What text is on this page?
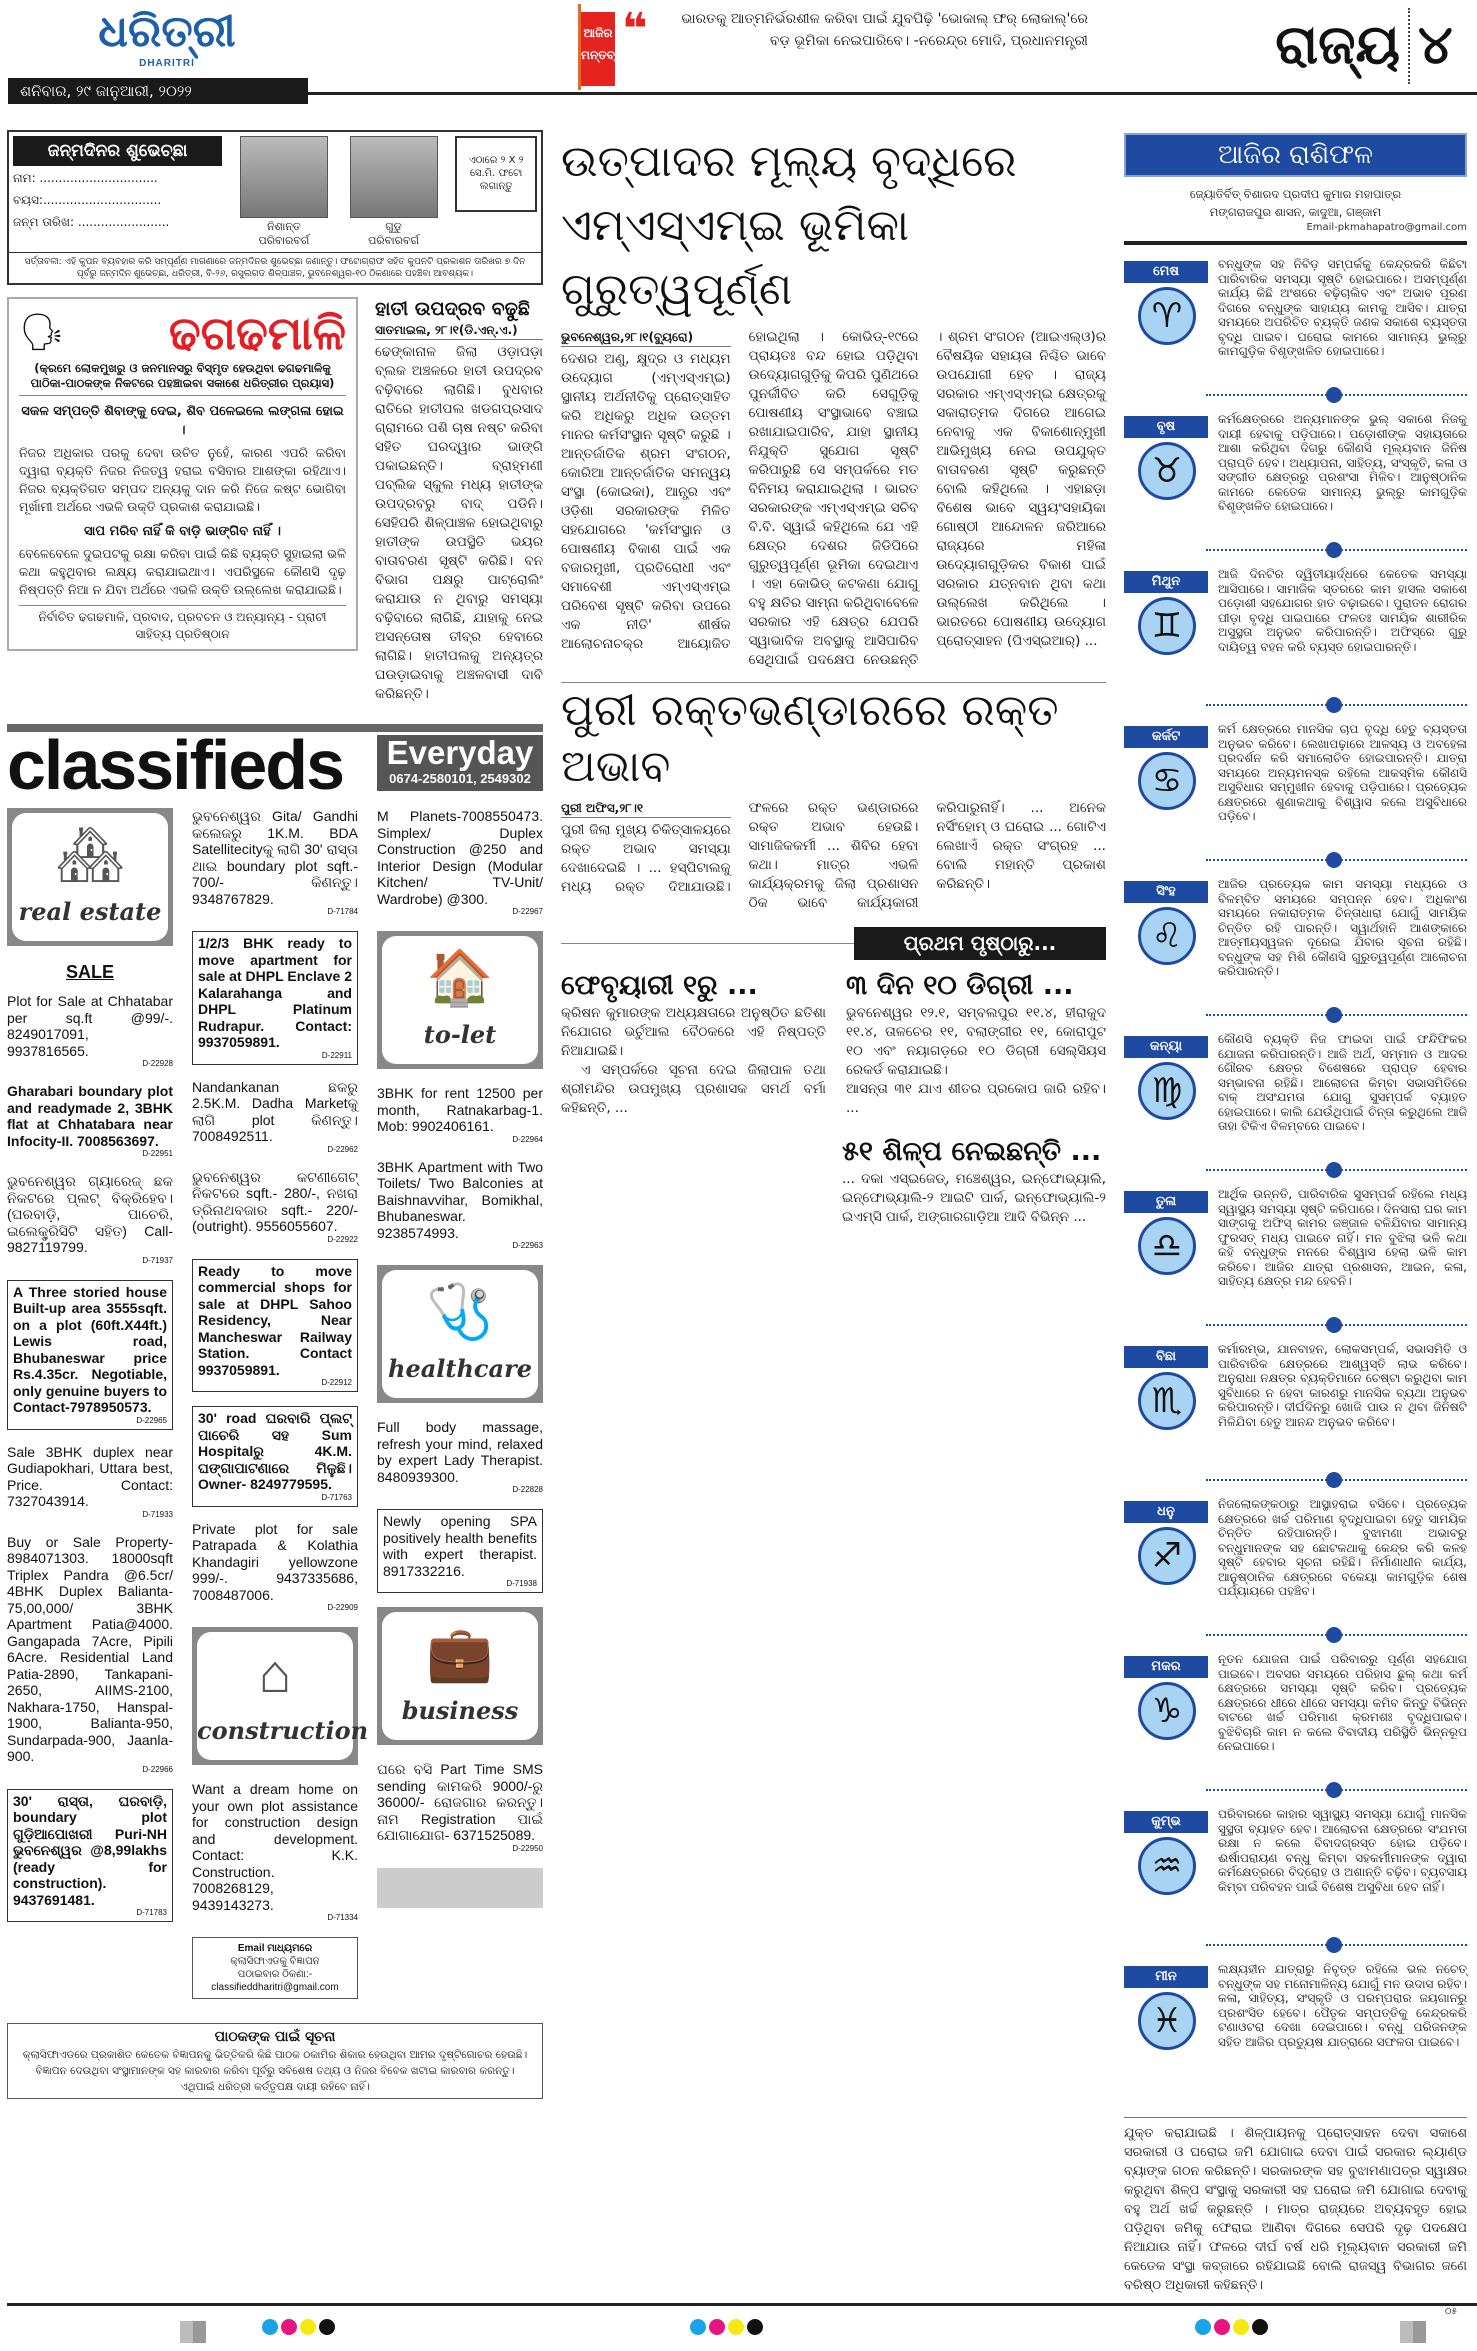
ଧରିତ୍ରୀ
DHARITRI
ଶନିବାର, ୨୯ ଜାନୁଆରୀ, ୨୦୨୨
ଆଜିର ମନ୍ତବ୍ୟ
❝	ଭାରତକୁ ଆତ୍ମନିର୍ଭରଶୀଳ କରିବା ପାଇଁ ଯୁବପିଢ଼ି 'ଭୋକାଲ୍ ଫର୍ ଲୋକାଲ୍'ରେ ବଡ଼ ଭୂମିକା ନେଇପାରିବେ। -ନରେନ୍ଦ୍ର ମୋଦି, ପ୍ରଧାନମନ୍ତ୍ରୀ	ରାଜ୍ୟ ୪
ଜନ୍ମଦିନର ଶୁଭେଚ୍ଛା
ନାମ: ...............................
ବୟସ:...............................
ଜନ୍ମ ତାରିଖ: ........................	ନିଶାନ୍ତ
ପରିବାରବର୍ଗ
ଗୁଡୁ
ପରିବାରବର୍ଗ
ଏଠାରେ ୨ X ୨ ସେ.ମି. ଫଟୋ ଲଗାନ୍ତୁ
ସର୍ତ୍ତାବଳୀ: ଏହି କୁପନ ବ୍ୟବହାର କରି ସମ୍ପୂର୍ଣ୍ଣ ମାଗଣାରେ ଜନ୍ମଦିନର ଶୁଭେଚ୍ଛା ଜଣାନ୍ତୁ। ଫଟୋଗ୍ରାଫ ସହିତ କୁପନଟି ପ୍ରକାଶନ ତାରିଖର ୭ ଦିନ ପୂର୍ବରୁ ଜନ୍ମଦିନ ଶୁଭେଚ୍ଛା, ଧରିତ୍ରୀ, ବି-୨୬, ରସୁଲଗଡ ଶିଳ୍ପାଞ୍ଚଳ, ଭୁବନେଶ୍ୱର-୧୦ ଠିକଣାରେ ପହଞ୍ଚିବା ଆବଶ୍ୟକ।
🗣	ଢଗଢମାଳି
(କ୍ରମେ ଲୋକମୁଖରୁ ଓ ଜନମାନସରୁ ବିସ୍ମୃତ ହେଉଥିବା ଢଗଢମାଳିକୁ ପାଠିକା-ପାଠକଙ୍କ ନିକଟରେ ପହଞ୍ଚାଇବା ସକାଶେ ଧରିତ୍ରୀର ପ୍ରୟାସ)
ସକଳ ସମ୍ପତ୍ତି ଶିବାଙ୍କୁ ଦେଇ, ଶିବ ପଳେଇଲେ ଲଙ୍ଗଳା ହୋଇ ।
ନିଜର ଅଧିକାର ପରକୁ ଦେବା ଉଚିତ ନୁହେଁ, କାରଣ ଏପରି କରିବା ଦ୍ୱାରା ବ୍ୟକ୍ତି ନିଜର ନିଜତ୍ୱ ହରାଇ ବସିବାର ଆଶଙ୍କା ରହିଥାଏ। ନିଜର ବ୍ୟକ୍ତିଗତ ସମ୍ପଦ ଅନ୍ୟକୁ ଦାନ କରି ନିଜେ କଷ୍ଟ ଭୋଗିବା ମୂର୍ଖାମୀ ଅର୍ଥରେ ଏଭଳି ଉକ୍ତି ପ୍ରକାଶ କରାଯାଇଛି।
ସାପ ମରିବ ନାହିଁ କି ବାଡ଼ି ଭାଙ୍ଗିବ ନାହିଁ ।
ବେଳେବେଳେ ଦୁଇପଟକୁ ରକ୍ଷା କରିବା ପାଇଁ କିଛି ବ୍ୟକ୍ତି ସୁହାଇଲା ଭଳି କଥା କହୁଥିବାର ଲକ୍ଷ୍ୟ କରାଯାଇଥାଏ। ଏପରିସ୍ଥଳେ କୌଣସି ଦୃଢ଼ ନିଷ୍ପତ୍ତି ନିଆ ନ ଯିବା ଅର୍ଥରେ ଏଭଳି ଉକ୍ତି ଉଲ୍ଲେଖ କରାଯାଇଛି।
ନିର୍ବାଚିତ ଢଗଢମାଳି, ପ୍ରବାଦ, ପ୍ରବଚନ ଓ ଅନ୍ୟାନ୍ୟ - ପ୍ରାଚୀ ସାହିତ୍ୟ ପ୍ରତିଷ୍ଠାନ
ହାତୀ ଉପଦ୍ରବ ବଢୁଛି
ସାତମାଇଲ, ୨୮।୧(ଡି.ଏନ୍.ଏ.)

ଢେଙ୍କାନାଳ ଜିଲା ଓଡ଼ାପଡ଼ା ବ୍ଲକ ଅଞ୍ଚଳରେ ହାତୀ ଉପଦ୍ରବ ବଢ଼ିବାରେ ଲାଗିଛି। ବୁଧବାର ରାତିରେ ହାତୀପଲ ଖଡଗପ୍ରସାଦ ଗ୍ରାମରେ ପଶି ଚାଷ ନଷ୍ଟ କରିବା ସହିତ ଘରଦ୍ୱାର ଭାଙ୍ଗି ପକାଇଛନ୍ତି। ବ୍ରାହ୍ମଣୀ ପବ୍ଲିକ ସ୍କୁଲ ମଧ୍ୟ ହାତୀଙ୍କ ଉପଦ୍ରବରୁ ବାଦ୍ ପଡିନି। ସେହିପରି ଶିଳ୍ପାଞ୍ଚଳ ହୋଇଥିବାରୁ ହାତୀଙ୍କ ଉପସ୍ଥିତି ଭୟର ବାତାବରଣ ସୃଷ୍ଟି କରିଛି। ବନ ବିଭାଗ ପକ୍ଷରୁ ପାଟ୍ରୋଲିଂ କରାଯାଉ ନ ଥିବାରୁ ସମସ୍ୟା ବଢ଼ିବାରେ ଲାଗିଛି, ଯାହାକୁ ନେଇ ଅସନ୍ତୋଷ ତୀବ୍ର ହେବାରେ ଲାଗିଛି। ହାତୀପଲକୁ ଅନ୍ୟତ୍ର ଘଉଡ଼ାଇବାକୁ ଅଞ୍ଚଳବାସୀ ଦାବି କରିଛନ୍ତି।

classifieds Everyday
0674-2580101, 2549302
🏘
real estate
SALE
Plot for Sale at Chhatabar per sq.ft @99/-. 8249017091, 9937816565.
D-22928
Gharabari boundary plot and readymade 2, 3BHK flat at Chhatabara near Infocity-II. 7008563697.
D-22951
ଭୁବନେଶ୍ୱର ଗ୍ୟାରେଜ୍ ଛକ ନିକଟରେ ପ୍ଲଟ୍ ବିକ୍ରିହେବ। (ଘରବାଡ଼ି, ପାଚେରି, ଇଲେକ୍ଟ୍ରିସିଟି ସହିତ) Call-9827119799.
D-71937
A Three storied house Built-up area 3555sqft. on a plot (60ft.X44ft.) Lewis road, Bhubaneswar price Rs.4.35cr. Negotiable, only genuine buyers to Contact-7978950573.
D-22965
Sale 3BHK duplex near Gudiapokhari, Uttara best, Price. Contact: 7327043914.
D-71933
Buy or Sale Property-8984071303. 18000sqft Triplex Pandra @6.5cr/ 4BHK Duplex Balianta-75,00,000/ 3BHK Apartment Patia@4000. Gangapada 7Acre, Pipili 6Acre. Residential Land Patia-2890, Tankapani-2650, AIIMS-2100, Nakhara-1750, Hanspal-1900, Balianta-950, Sundarpada-900, Jaanla-900.
D-22966
30' ରାସ୍ତା, ଘରବାଡ଼ି, boundary plot ଗୁଡ଼ିଆପୋଖରୀ Puri-NH ଭୁବନେଶ୍ୱର @8,99lakhs (ready for construction). 9437691481.
D-71783
ଭୁବନେଶ୍ୱର Gita/ Gandhi କଲେଜରୁ 1K.M. BDA Satellitecityକୁ ଲାଗି 30' ରାସ୍ତା ଥାଇ boundary plot sqft.- 700/- କିଣନ୍ତୁ। 9348767829.
D-71784
1/2/3 BHK ready to move apartment for sale at DHPL Enclave 2 Kalarahanga and DHPL Platinum Rudrapur. Contact: 9937059891.
D-22911
Nandankanan ଛକରୁ 2.5K.M. Dadha Marketକୁ ଲାଗି plot କିଣନ୍ତୁ। 7008492511.
D-22962
ଭୁବନେଶ୍ୱର କଟଣୀଗେଟ୍ ନିକଟରେ sqft.- 280/-, ନଖରା ତ୍ରିନାଥବଜାର sqft.- 220/- (outright). 9556055607.
D-22922
Ready to move commercial shops for sale at DHPL Sahoo Residency, Near Mancheswar Railway Station. Contact 9937059891.
D-22912
30' road ଘରବାରି ପ୍ଲଟ୍ ପାଚେରି ସହ Sum Hospitalରୁ 4K.M. ଘଙ୍ଗାପାଟଣାରେ ମିଳୁଛି। Owner- 8249779595.
D-71763
Private plot for sale Patrapada & Kolathia Khandagiri yellowzone 999/-. 9437335686, 7008487006.
D-22909
⌂
construction
Want a dream home on your own plot assistance for construction design and development. Contact: K.K. Construction. 7008268129, 9439143273.
D-71334
Email ମାଧ୍ୟମରେ
କ୍ଲାସିଫାଏଡକୁ ବିଜ୍ଞାପନ
ପଠାଇବାର ଠିକଣା:-
classifieddharitri@gmail.com
M Planets-7008550473. Simplex/ Duplex Construction @250 and Interior Design (Modular Kitchen/ TV-Unit/ Wardrobe) @300.
D-22967
🏠
to-let
3BHK for rent 12500 per month, Ratnakarbag-1. Mob: 9902406161.
D-22964
3BHK Apartment with Two Toilets/ Two Balconies at Baishnavvihar, Bomikhal, Bhubaneswar. 9238574993.
D-22963
🩺
healthcare
Full body massage, refresh your mind, relaxed by expert Lady Therapist. 8480939300.
D-22828
Newly opening SPA positively health benefits with expert therapist. 8917332216.
D-71938
💼
business
ଘରେ ବସି Part Time SMS sending କାମକରି 9000/-ରୁ 36000/- ରୋଜଗାର କରନ୍ତୁ। ନାମ Registration ପାଇଁ ଯୋଗାଯୋଗ- 6371525089.
D-22950
ପାଠକଙ୍କ ପାଇଁ ସୂଚନା

କ୍ଲାସିଫାଏଡରେ ପ୍ରକାଶିତ କେତେକ ବିଜ୍ଞାପନକୁ ଭିତ୍ତିକରି କିଛି ପାଠକ ଠକାମିର ଶିକାର ହେଉଥିବା ଆମର ଦୃଷ୍ଟିଗୋଚର ହେଉଛି। ବିଜ୍ଞାପନ ଦେଉଥିବା ସଂସ୍ଥାମାନଙ୍କ ସହ କାରବାର କରିବା ପୂର୍ବରୁ ସବିଶେଷ ତଥ୍ୟ ଓ ନିଜର ବିବେକ ଖଟାଇ କାରବାର କରନ୍ତୁ। ଏଥିପାଇଁ ଧରିତ୍ରୀ କର୍ତ୍ତୃପକ୍ଷ ଦାୟୀ ରହିବେ ନାହିଁ।

ଉତ୍ପାଦର ମୂଲ୍ୟ ବୃଦ୍ଧିରେ
ଏମ୍ଏସ୍ଏମ୍ଇ ଭୂମିକା ଗୁରୁତ୍ୱପୂର୍ଣ୍ଣ
ଭୁବନେଶ୍ୱର,୨୮।୧(ବ୍ୟୁରୋ)

ଦେଶର ଅଣୁ, କ୍ଷୁଦ୍ର ଓ ମଧ୍ୟମ ଉଦ୍ୟୋଗ (ଏମ୍ଏସ୍ଏମ୍ଇ) ସ୍ଥାନୀୟ ଅର୍ଥନୀତିକୁ ପ୍ରୋତ୍ସାହିତ କରି ଅଧିକରୁ ଅଧିକ ଉତ୍ତମ ମାନର କର୍ମସଂସ୍ଥାନ ସୃଷ୍ଟି କରୁଛି । ଆନ୍ତର୍ଜାତିକ ଶ୍ରମ ସଂଗଠନ, କୋରିଆ ଆନ୍ତର୍ଜାତିକ ସମନ୍ୱୟ ସଂସ୍ଥା (କୋଇକା), ଆନ୍ଧ୍ର ଏବଂ ଓଡ଼ିଶା ସରକାରଙ୍କ ମିଳିତ ସହଯୋଗରେ 'କର୍ମସଂସ୍ଥାନ ଓ ପୋଷଣୀୟ ବିକାଶ ପାଇଁ ଏକ ବଜାରମୁଖୀ, ପ୍ରତିରୋଧୀ ଏବଂ ସମାବେଶୀ ଏମ୍ଏସ୍ଏମ୍ଇ ପରିବେଶ ସୃଷ୍ଟି କରିବା ଉପରେ ଏକ ନୀତି' ଶୀର୍ଷକ ଆଲୋଚନାଚକ୍ର ଆୟୋଜିତ ହୋଇଥିଲା । କୋଭିଡ୍-୧୯ରେ ପ୍ରାୟତଃ ବନ୍ଦ ହୋଇ ପଡ଼ିଥିବା ଉଦ୍ୟୋଗଗୁଡ଼ିକୁ କିପରି ପୁଣିଥରେ ପୁନର୍ଜୀବିତ କରି ସେଗୁଡ଼ିକୁ ପୋଷଣୀୟ ସଂସ୍ଥାଭାବେ ବଞ୍ଚାଇ ରଖାଯାଇପାରିବ, ଯାହା ସ୍ଥାନୀୟ ନିଯୁକ୍ତି ସୁଯୋଗ ସୃଷ୍ଟି କରିପାରୁଛି ସେ ସମ୍ପର୍କରେ ମତ ବିନିମୟ କରାଯାଇଥିଲା । ଭାରତ ସରକାରଙ୍କ ଏମ୍ଏସ୍ଏମ୍ଇ ସଚିବ ବି.ବି. ସ୍ୱାଇଁ କହିଥିଲେ ଯେ ଏହି କ୍ଷେତ୍ର ଦେଶର ଜିଡିପିରେ ଗୁରୁତ୍ୱପୂର୍ଣ୍ଣ ଭୂମିକା ଦେଇଥାଏ । ଏହା କୋଭିଡ୍ କଟକଣା ଯୋଗୁ ବହୁ କ୍ଷତିର ସାମ୍ନା କରିଥିବାବେଳେ ସରକାର ଏହି କ୍ଷେତ୍ର ଯେପରି ସ୍ୱାଭାବିକ ଅବସ୍ଥାକୁ ଆସିପାରିବ ସେଥିପାଇଁ ପଦକ୍ଷେପ ନେଉଛନ୍ତି । ଶ୍ରମ ସଂଗଠନ (ଆଇଏଲ୍ଓ)ର ବୈଷୟିକ ସହାୟତା ନିଶ୍ଚିତ ଭାବେ ଉପଯୋଗୀ ହେବ । ରାଜ୍ୟ ସରକାର ଏମ୍ଏସ୍ଏମ୍ଇ କ୍ଷେତ୍ରକୁ ସକାରାତ୍ମକ ଦିଗରେ ଆଗେଇ ନେବାକୁ ଏକ ବିକାଶୋନ୍ମୁଖୀ ଆଭିମୁଖ୍ୟ ନେଇ ଉପଯୁକ୍ତ ବାତାବରଣ ସୃଷ୍ଟି କରୁଛନ୍ତି ବୋଲି କହିଥିଲେ । ଏହାଛଡ଼ା ବିଶେଷ ଭାବେ ସ୍ୱୟଂସହାୟିକା ଗୋଷ୍ଠୀ ଆନ୍ଦୋଳନ ଜରିଆରେ ରାଜ୍ୟରେ ମହିଳା ଉଦ୍ୟୋଗଗୁଡ଼ିକର ବିକାଶ ପାଇଁ ସରକାର ଯତ୍ନବାନ ଥିବା କଥା ଉଲ୍ଲେଖ କରିଥିଲେ । ଭାରତରେ ପୋଷଣୀୟ ଉଦ୍ୟୋଗ ପ୍ରୋତ୍ସାହନ (ପିଏସ୍ଇଆର୍) ...

ପୁରୀ ରକ୍ତଭଣ୍ଡାରରେ ରକ୍ତ ଅଭାବ
ପୁରୀ ଅଫିସ,୨୮।୧

ପୁରୀ ଜିଲା ମୁଖ୍ୟ ଚିକିତ୍ସାଳୟରେ ରକ୍ତ ଅଭାବ ସମସ୍ୟା ଦେଖାଦେଇଛି । ... ହସ୍ପିଟାଲକୁ ମଧ୍ୟ ରକ୍ତ ଦିଆଯାଉଛି। ଫଳରେ ରକ୍ତ ଭଣ୍ଡାରରେ ରକ୍ତ ଅଭାବ ହେଉଛି। ସାମାଜିକକର୍ମୀ ... ଶିବିର ହେବା କଥା। ମାତ୍ର ଏଭଳି କାର୍ଯ୍ୟକ୍ରମକୁ ଜିଲା ପ୍ରଶାସନ ଠିକ ଭାବେ କାର୍ଯ୍ୟକାରୀ କରିପାରୁନାହିଁ। ... ଅନେକ ନର୍ସିଂହୋମ୍ ଓ ଘରୋଇ ... ଗୋଟିଏ ଲେଖାଏଁ ରକ୍ତ ସଂଗ୍ରହ ... ବୋଲି ମହାନ୍ତି ପ୍ରକାଶ କରିଛନ୍ତି।

ପ୍ରଥମ ପୃଷ୍ଠାରୁ...
ଫେବୃୟାରୀ ୧ରୁ ...

କ୍ରିଷନ କୁମାରଙ୍କ ଅଧ୍ୟକ୍ଷତାରେ ଅନୁଷ୍ଠିତ ଛତିଶା ନିଯୋଗର ଭର୍ଚୁଆଲ ବୈଠକରେ ଏହି ନିଷ୍ପତ୍ତି ନିଆଯାଇଛି।

ଏ ସମ୍ପର୍କରେ ସୂଚନା ଦେଇ ଜିଲାପାଳ ତଥା ଶ୍ରୀମନ୍ଦିର ଉପମୁଖ୍ୟ ପ୍ରଶାସକ ସମର୍ଥ ବର୍ମା କହିଛନ୍ତି, ...

୩ ଦିନ ୧୦ ଡିଗ୍ରୀ ...

ଭୁବନେଶ୍ୱର ୧୨.୧, ସମ୍ବଲପୁର ୧୧.୪, ହୀରାକୁଦ ୧୧.୪, ତାଳଚେର ୧୧, ବଲାଙ୍ଗୀର ୧୧, କୋରାପୁଟ ୧୦ ଏବଂ ନୟାଗଡ଼ରେ ୧୦ ଡିଗ୍ରୀ ସେଲ୍‌ସିୟସ ରେକର୍ଡ କରାଯାଇଛି।

ଆସନ୍ତା ୩୧ ଯାଏ ଶୀତର ପ୍ରକୋପ ଜାରି ରହିବ। ...

୫୧ ଶିଳ୍ପ ନେଇଛନ୍ତି ...

... ଦକା ଏସ୍ଇଜେଡ୍, ମଞ୍ଚେଶ୍ୱର, ଇନ୍‌ଫୋଭ୍ୟାଲି, ଇନ୍‌ଫୋଭ୍ୟାଲି-୨ ଆଇଟି ପାର୍କ, ଇନ୍‌ଫୋଭ୍ୟାଲି-୨ ଇଏମ୍‌ସି ପାର୍କ, ଅଙ୍ଗାରଗାଡ଼ିଆ ଆଦି ବିଭିନ୍ନ ...

ଆଜିର ରାଶିଫଳ
ଜ୍ୟୋତିର୍ବିତ୍ ବିଶାରଦ ପ୍ରଦୀପ କୁମାର ମହାପାତ୍ର
ମଙ୍ଗରାଜପୁର ଶାସନ, କାଦୁଆ, ଗଞ୍ଜାମ
Email-pkmahapatro@gmail.com
ମେଷ
♈
ବନ୍ଧୁଙ୍କ ସହ ନିବିଡ଼ ସମ୍ପର୍କକୁ କେନ୍ଦ୍ରକରି କିଛିଟା ପାରିବାରିକ ସମସ୍ୟା ସୃଷ୍ଟି ହୋଇପାରେ। ଅସମ୍ପୂର୍ଣ୍ଣ କାର୍ଯ୍ୟ କିଛି ଅଂଶରେ ବଢ଼ିଚାଲିବ ଏବଂ ଅଭାବ ପୂରଣ ଦିଗରେ ବନ୍ଧୁଙ୍କ ସାହାଯ୍ୟ କାମକୁ ଆସିବ। ଯାତ୍ରା ସମୟରେ ଅପରିଚିତ ବ୍ୟକ୍ତି ଜଣକ ସକାଶେ ବ୍ୟସ୍ତତା ବୃଦ୍ଧି ପାଇବ। ଘରୋଇ କାମରେ ସାମାନ୍ୟ ଭୁଲ୍‌ରୁ କାମଗୁଡ଼ିକ ବିଶୃଙ୍ଖଳିତ ହୋଇପାରେ।
ବୃଷ
♉
କର୍ମକ୍ଷେତ୍ରରେ ଅନ୍ୟମାନଙ୍କ ଭୁଲ୍ ସକାଶେ ନିଜକୁ ଦାୟୀ ହେବାକୁ ପଡ଼ିପାରେ। ପଡ଼ୋଶୀଙ୍କ ସହାୟତାରେ ଆଶା କରିଥିବା ଦିଗରୁ କୌଣସି ମୂଲ୍ୟବାନ ଜିନିଷ ପ୍ରାପ୍ତି ହେବ। ଅଧ୍ୟାପନା, ସାହିତ୍ୟ, ସଂସ୍କୃତି, କଳା ଓ ସଙ୍ଗୀତ କ୍ଷେତ୍ରରୁ ପ୍ରଶଂସା ମିଳିବ। ଆନୁଷ୍ଠାନିକ କାମରେ କେତେକ ସାମାନ୍ୟ ଭୁଲ୍‌ରୁ କାମଗୁଡ଼ିକ ବିଶୃଙ୍ଖଳିତ ହୋଇପାରେ।
ମିଥୁନ
♊
ଆଜି ଦିନଟିର ଦ୍ୱିତୀୟାର୍ଦ୍ଧରେ କେତେକ ସମସ୍ୟା ଆସିପାରେ। ସାମାଜିକ ସ୍ତରରେ କାମ ହାସଲ ସକାଶେ ପଡ଼ୋଶୀ ସହଯୋଗର ହାତ ବଢ଼ାଇବେ। ପୁରାତନ ରୋଗର ପୀଡ଼ା ବୃଦ୍ଧି ପାଇପାରେ ଫଳତଃ ସାମୟିକ ଶାରୀରିକ ଅସୁସ୍ଥତା ଅନୁଭବ କରିପାରନ୍ତି। ଅଫିସ୍‌ରେ ଗୁରୁ ଦାୟିତ୍ୱ ବହନ କରି ବ୍ୟସ୍ତ ହୋଇପାରନ୍ତି।
କର୍କଟ
♋
କର୍ମ କ୍ଷେତ୍ରରେ ମାନସିକ ଚାପ ବୃଦ୍ଧି ହେତୁ ବ୍ୟସ୍ତତା ଅନୁଭବ କରିବେ। ଲେଖାପଢ଼ାରେ ଆଳସ୍ୟ ଓ ଅବହେଳା ପ୍ରଦର୍ଶନ କରି ସମାଲୋଚିତ ହୋଇପାରନ୍ତି। ଯାତ୍ରା ସମୟରେ ଅନ୍ୟମନସ୍କ ରହିଲେ ଆକସ୍ମିକ କୌଣସି ଅସୁବିଧାର ସମ୍ମୁଖୀନ ହେବାକୁ ପଡ଼ିପାରେ। ପ୍ରତ୍ୟେକ କ୍ଷେତ୍ରରେ ଶୁଣାକଥାକୁ ବିଶ୍ୱାସ କଲେ ଅସୁବିଧାରେ ପଡ଼ିବେ।
ସିଂହ
♌
ଆଜିର ପ୍ରତ୍ୟେକ କାମ ସମସ୍ୟା ମଧ୍ୟରେ ଓ ବିଳମ୍ବିତ ସମୟରେ ସମ୍ପନ୍ନ ହେବ। ଅଧିକାଂଶ ସମୟରେ ନକାରାତ୍ମକ ଚିନ୍ତାଧାରା ଯୋଗୁଁ ସାମୟିକ ଚିନ୍ତିତ ରହି ପାରନ୍ତି। ସ୍ୱାର୍ଥହାନି ଆଶଙ୍କାରେ ଆତ୍ମୀୟସ୍ୱଜନ ଦୂରେଇ ଯିବାର ସୂଚନା ରହିଛି। ବନ୍ଧୁଙ୍କ ସହ ମିଶି କୌଣସି ଗୁରୁତ୍ୱପୂର୍ଣ୍ଣ ଆଲୋଚନା କରିପାରନ୍ତି।
କନ୍ୟା
♍
କୌଣସି ବ୍ୟକ୍ତି ନିଜ ଫାଇଦା ପାଇଁ ଫନ୍ଦିଫିକର ଯୋଜନା କରିପାରନ୍ତି। ଆଜି ଅର୍ଥ, ସମ୍ମାନ ଓ ଆଦର ଗୌରବ କ୍ଷେତ୍ର ବିଶେଷରେ ପ୍ରାପ୍ତ ହେବାର ସମ୍ଭାବନା ରହିଛି। ଆଲୋଚନା କିମ୍ବା ସଭାସମିତିରେ ବାକ୍ ଅସଂଯମତା ଯୋଗୁ ସୁସମ୍ପର୍କ ବ୍ୟାହତ ହୋଇପାରେ। କାଲି ଯେଉଁଥିପାଇଁ ଚିନ୍ତା କରୁଥିଲେ ଆଜି ତାହା ଟିକିଏ ବିଳମ୍ବରେ ପାଇବେ।
ତୁଳା
♎
ଆର୍ଥିକ ଉନ୍ନତି, ପାରିବାରିକ ସୁସମ୍ପର୍କ ରହିଲେ ମଧ୍ୟ ସ୍ୱାସ୍ଥ୍ୟ ସମସ୍ୟା ସୃଷ୍ଟି କରିପାରେ। ଦିନସାରା ଘର କାମ ସାଙ୍ଗକୁ ଅଫିସ୍ କାମର ଜଞ୍ଜାଳ ବଳିଯିବାର ସାମାନ୍ୟ ଫୁରସତ୍ ମଧ୍ୟ ପାଇବେ ନାହିଁ। ମନ ବୁଝିଲା ଭଳି କଥା କହି ବନ୍ଧୁଙ୍କ ମନରେ ବିଶ୍ୱାସ ହେଲା ଭଳି କାମ କରିବେ। ଆଜିର ଯାତ୍ରା ପ୍ରଶାସନ, ଆଇନ, କଳା, ସାହିତ୍ୟ କ୍ଷେତ୍ର ମନ୍ଦ ହେବନି।
ବିଛା
♏
କର୍ମାରମ୍ଭ, ଯାନବାହନ, ଲୋକସମ୍ପର୍କ, ସଭାସମିତି ଓ ପାରିବାରିକ କ୍ଷେତ୍ରରେ ଆଶ୍ୱସ୍ତି ଲାଭ କରିବେ। ଅନୁରାଧା ନକ୍ଷତ୍ର ବ୍ୟକ୍ତିମାନେ ଚେଷ୍ଟା କରୁଥିବା କାମ ସୁବିଧାରେ ନ ହେବା କାରଣରୁ ମାନସିକ ବ୍ୟଥା ଅନୁଭବ କରିପାରନ୍ତି। ଦୀର୍ଘଦିନରୁ ଖୋଜି ପାଉ ନ ଥିବା ଜିନିଷଟି ମିଳିଯିବା ହେତୁ ଆନନ୍ଦ ଅନୁଭବ କରିବେ।
ଧନୁ
♐
ନିଜଲୋକଙ୍କଠାରୁ ଆସ୍ଥାହରାଇ ବସିବେ। ପ୍ରତ୍ୟେକ କ୍ଷେତ୍ରରେ ଖର୍ଚ୍ଚ ପରିମାଣ ବୃଦ୍ଧିପାଇବା ହେତୁ ସାମୟିକ ଚିନ୍ତିତ ରହିପାରନ୍ତି। ବୁଝାମଣା ଅଭାବରୁ ବନ୍ଧୁମାନଙ୍କ ସହ ଛୋଟକଥାକୁ କେନ୍ଦ୍ର କରି କଳହ ସୃଷ୍ଟି ହେବାର ସୂଚନା ରହିଛି। ନିର୍ମାଣାଧୀନ କାର୍ଯ୍ୟ, ଆନୁଷ୍ଠାନିକ କ୍ଷେତ୍ରରେ ବକେୟା କାମଗୁଡ଼ିକ ଶେଷ ପର୍ଯ୍ୟାୟରେ ପହଞ୍ଚିବ।
ମକର
♑
ନୂତନ ଯୋଜନା ପାଇଁ ପରିବାରରୁ ପୂର୍ଣ୍ଣ ସହଯୋଗ ପାଇବେ। ଅବସର ସମୟରେ ପରିହାସ ଛୁଲ୍ କଥା କର୍ମ କ୍ଷେତ୍ରରେ ସମସ୍ୟା ସୃଷ୍ଟି କରିବ। ପ୍ରତ୍ୟେକ କ୍ଷେତ୍ରରେ ଧୀରେ ଧୀରେ ସମସ୍ୟା କମିବ କିନ୍ତୁ ବିଭିନ୍ନ ବାଟରେ ଖର୍ଚ୍ଚ ପରିମାଣ କ୍ରମଶଃ ବୃଦ୍ଧିପାଇବ। ବୁଝିବିଚାରି କାମ ନ କଲେ ବିବାଦୀୟ ପରିସ୍ଥିତି ଭିନ୍ନରୂପ ନେଇପାରେ।
କୁମ୍ଭ
♒
ପରିବାରରେ କାହାର ସ୍ୱାସ୍ଥ୍ୟ ସମସ୍ୟା ଯୋଗୁଁ ମାନସିକ ସୁସ୍ଥତା ବ୍ୟାହତ ହେବ। ଆଲୋଚନା କ୍ଷେତ୍ରରେ ସଂଯମତା ରକ୍ଷା ନ କଲେ ବିବାଦଗ୍ରସ୍ତ ହୋଇ ପଡ଼ିବେ। ଈର୍ଷାପରାୟଣ ବନ୍ଧୁ କିମ୍ବା ସହକର୍ମୀମାନଙ୍କ ଦ୍ୱାରା କର୍ମକ୍ଷେତ୍ରରେ ବିଦ୍ରୋହ ଓ ଅଶାନ୍ତି ବଢ଼ିବ। ବ୍ୟବସାୟ କିମ୍ବା ପରିବହନ ପାଇଁ ବିଶେଷ ଅସୁବିଧା ହେବ ନାହିଁ।
ମୀନ
♓
ଲକ୍ଷ୍ୟହୀନ ଯାତ୍ରାରୁ ନିବୃତ୍ତ ରହିଲେ ଭଲ ନଚେତ୍ ବନ୍ଧୁଙ୍କ ସହ ମନୋମାଳିନ୍ୟ ଯୋଗୁଁ ମନ ଉଦାସ ରହିବ। କଳା, ସାହିତ୍ୟ, ସଂସ୍କୃତି ଓ ପରମ୍ପରାର ଜୟଗାନରୁ ପ୍ରଶଂସିତ ହେବେ। ପୈତୃକ ସମ୍ପତ୍ତିକୁ କେନ୍ଦ୍ରକରି ଟଣାଓଟରା ଦେଖା ଦେଇପାରେ। ବନ୍ଧୁ ପରିଜନଙ୍କ ସହିତ ଆଜିର ପ୍ରତ୍ୟୁଷ ଯାତ୍ରାରେ ସଫଳତା ପାଇବେ।
ଯୁକ୍ତ କରାଯାଇଛି । ଶିଳ୍ପାୟନକୁ ପ୍ରୋତ୍ସାହନ ଦେବା ସକାଶେ ସରକାରୀ ଓ ଘରୋଇ ଜମି ଯୋଗାଇ ଦେବା ପାଇଁ ସରକାର ଲ୍ୟାଣ୍ଡ ବ୍ୟାଙ୍କ ଗଠନ କରିଛନ୍ତି। ସରକାରଙ୍କ ସହ ବୁଝାମଣାପତ୍ର ସ୍ୱାକ୍ଷର କରୁଥିବା ଶିଳ୍ପ ସଂସ୍ଥାକୁ ସରକାରୀ ସହ ଘରୋଇ ଜମି ଯୋଗାଇ ଦେବାକୁ ବହୁ ଅର୍ଥ ଖର୍ଚ୍ଚ କରୁଛନ୍ତି । ମାତ୍ର ରାଜ୍ୟରେ ଅବ୍ୟବହୃତ ହୋଇ ପଡ଼ିଥିବା ଜମିକୁ ଫେରାଇ ଆଣିବା ଦିଗରେ ସେପରି ଦୃଢ଼ ପଦକ୍ଷେପ ନିଆଯାଉ ନାହିଁ। ଫଳରେ ଦୀର୍ଘ ବର୍ଷ ଧରି ମୂଲ୍ୟବାନ ସରକାରୀ ଜମି କେତେକ ସଂସ୍ଥା କବ୍‌ଜାରେ ରହିଯାଇଛି ବୋଲି ରାଜସ୍ୱ ବିଭାଗର ଜଣେ ବରିଷ୍ଠ ଅଧିକାରୀ କହିଛନ୍ତି।
୦୫
